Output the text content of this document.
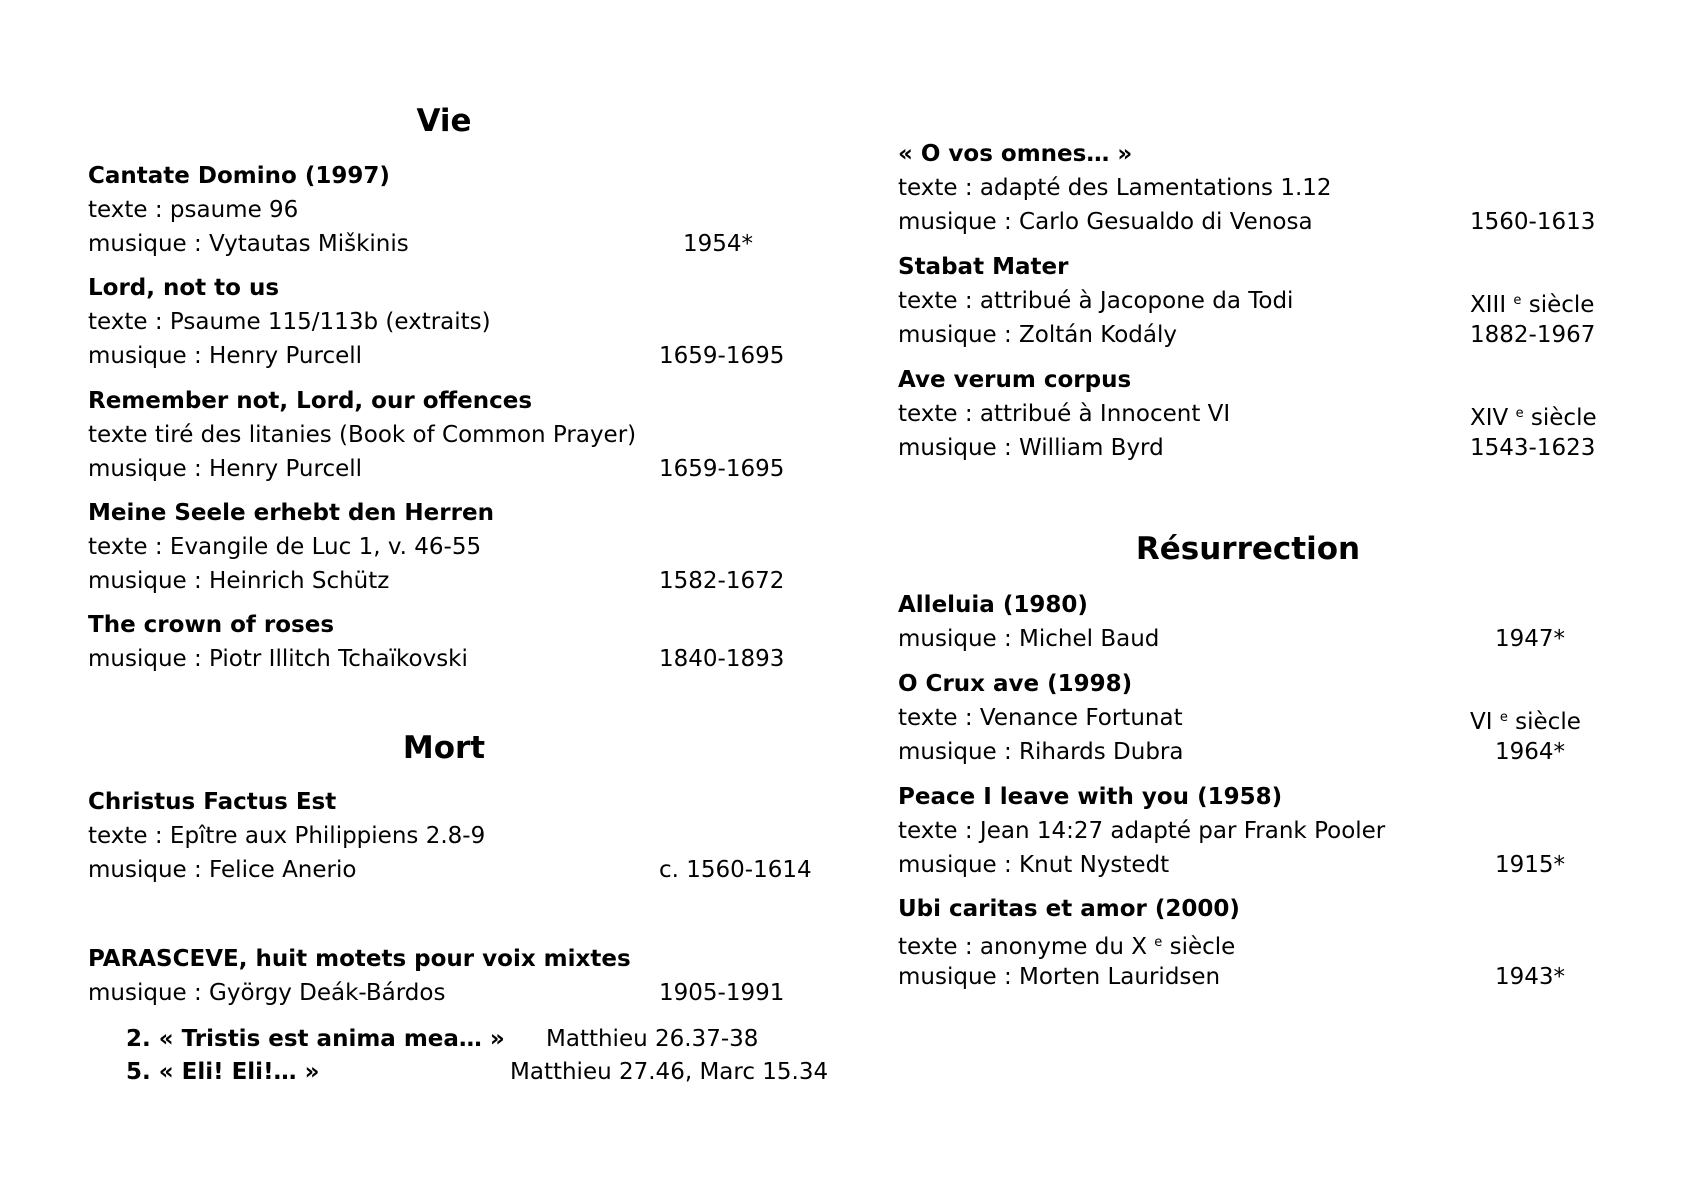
Vie
Cantate Domino (1997)
texte : psaume 96
musique : Vytautas Miškinis	1954*
Lord, not to us
texte : Psaume 115/113b (extraits)
musique : Henry Purcell	1659-1695
Remember not, Lord, our offences
texte tiré des litanies (Book of Common Prayer)
musique : Henry Purcell	1659-1695
Meine Seele erhebt den Herren
texte : Evangile de Luc 1, v. 46-55
musique : Heinrich Schütz	1582-1672
The crown of roses
musique : Piotr Illitch Tchaïkovski	1840-1893
Mort
Christus Factus Est
texte : Epître aux Philippiens 2.8-9
musique : Felice Anerio	c. 1560-1614
PARASCEVE, huit motets pour voix mixtes
musique : György Deák-Bárdos	1905-1991
2. « Tristis est anima mea… » Matthieu 26.37-38
5. « Eli! Eli!… »	Matthieu 27.46, Marc 15.34
« O vos omnes… »
texte : adapté des Lamentations 1.12
musique : Carlo Gesualdo di Venosa	1560-1613
Stabat Mater
texte : attribué à Jacopone da Todi	XIII $^e$ siècle
musique : Zoltán Kodály	1882-1967
Ave verum corpus
texte : attribué à Innocent VI	XIV $^e$ siècle
musique : William Byrd	1543-1623
Résurrection
Alleluia (1980)
musique : Michel Baud	1947*
O Crux ave (1998)
texte : Venance Fortunat	VI $^e$ siècle
musique : Rihards Dubra	1964*
Peace I leave with you (1958)
texte : Jean 14:27 adapté par Frank Pooler
musique : Knut Nystedt	1915*
Ubi caritas et amor (2000)
texte : anonyme du X $^e$ siècle
musique : Morten Lauridsen	1943*
